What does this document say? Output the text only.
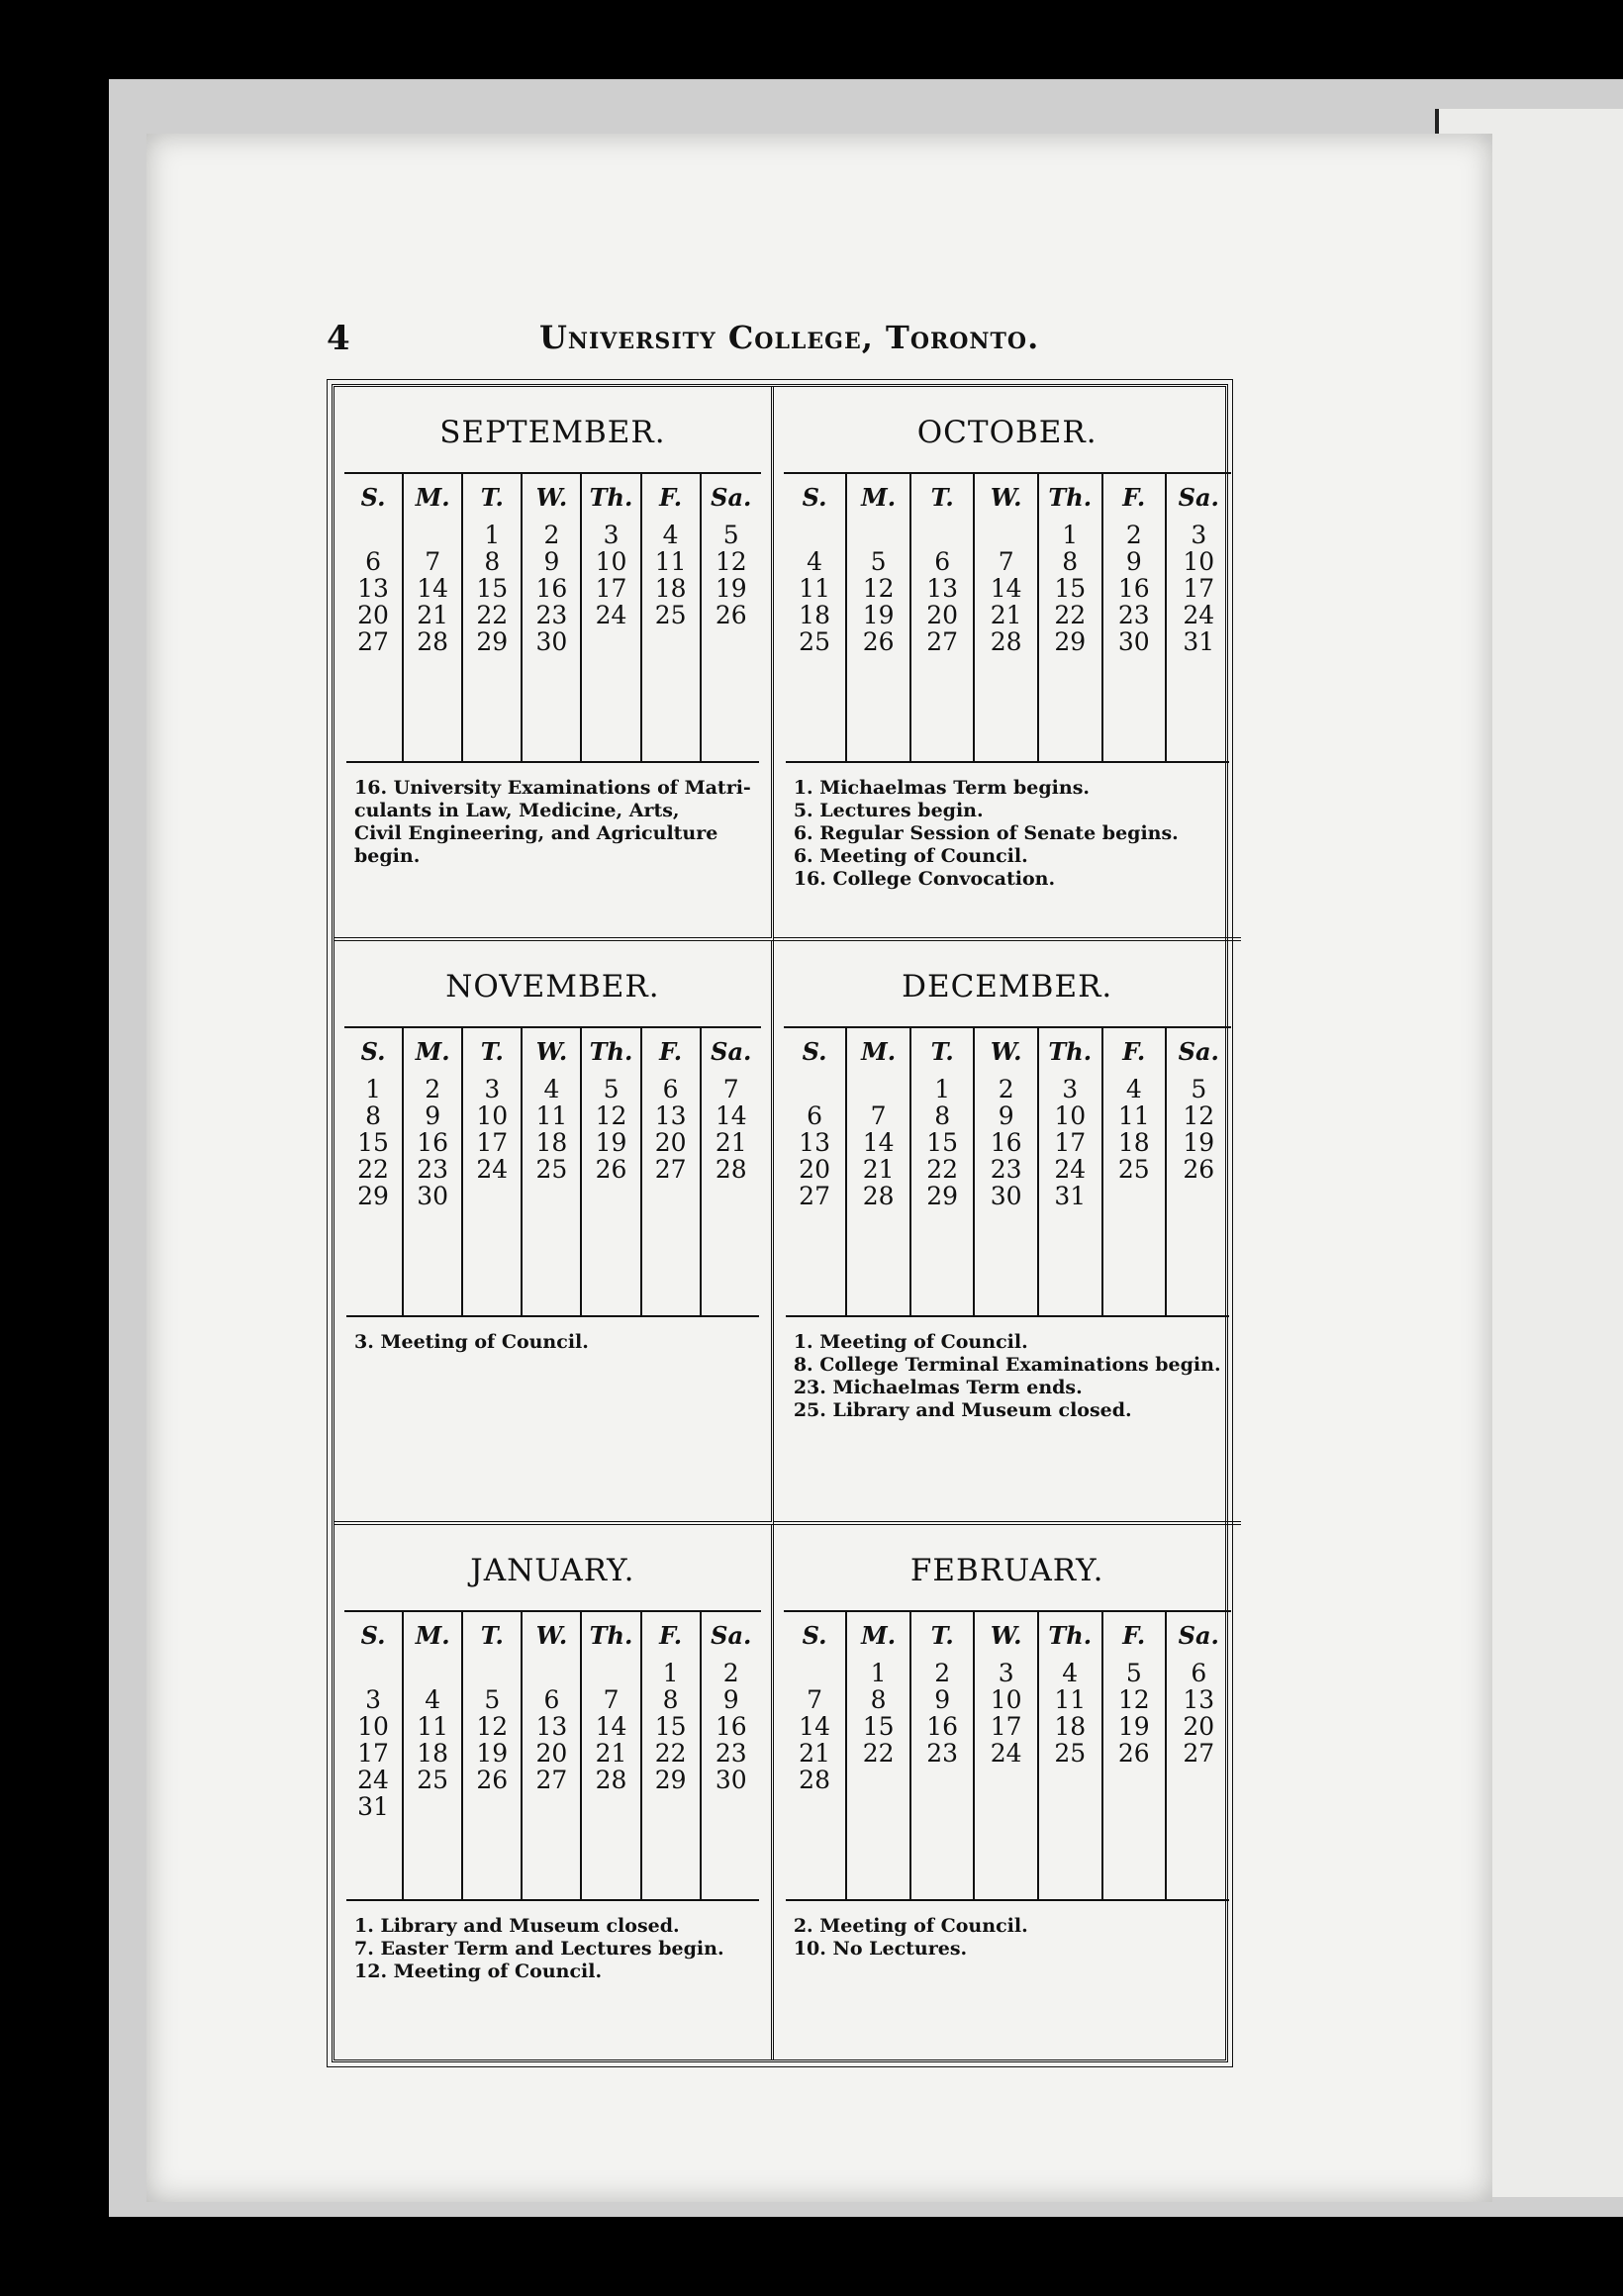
4	University College, Toronto.
SEPTEMBER.
S.
6
13
20
27
M.
7
14
21
28
T.
1
8
15
22
29
W.
2
9
16
23
30
Th.
3
10
17
24
F.
4
11
18
25
Sa.
5
12
19
26
16. University Examinations of Matri-
culants in Law, Medicine, Arts,
Civil Engineering, and Agriculture
begin.
OCTOBER.
S.
4
11
18
25
M.
5
12
19
26
T.
6
13
20
27
W.
7
14
21
28
Th.
1
8
15
22
29
F.
2
9
16
23
30
Sa.
3
10
17
24
31
1. Michaelmas Term begins.
5. Lectures begin.
6. Regular Session of Senate begins.
6. Meeting of Council.
16. College Convocation.
NOVEMBER.
S.
1
8
15
22
29
M.
2
9
16
23
30
T.
3
10
17
24
W.
4
11
18
25
Th.
5
12
19
26
F.
6
13
20
27
Sa.
7
14
21
28
3. Meeting of Council.
DECEMBER.
S.
6
13
20
27
M.
7
14
21
28
T.
1
8
15
22
29
W.
2
9
16
23
30
Th.
3
10
17
24
31
F.
4
11
18
25
Sa.
5
12
19
26
1. Meeting of Council.
8. College Terminal Examinations begin.
23. Michaelmas Term ends.
25. Library and Museum closed.
JANUARY.
S.
3
10
17
24
31
M.
4
11
18
25
T.
5
12
19
26
W.
6
13
20
27
Th.
7
14
21
28
F.
1
8
15
22
29
Sa.
2
9
16
23
30
1. Library and Museum closed.
7. Easter Term and Lectures begin.
12. Meeting of Council.
FEBRUARY.
S.
7
14
21
28
M.
1
8
15
22
T.
2
9
16
23
W.
3
10
17
24
Th.
4
11
18
25
F.
5
12
19
26
Sa.
6
13
20
27
2. Meeting of Council.
10. No Lectures.
